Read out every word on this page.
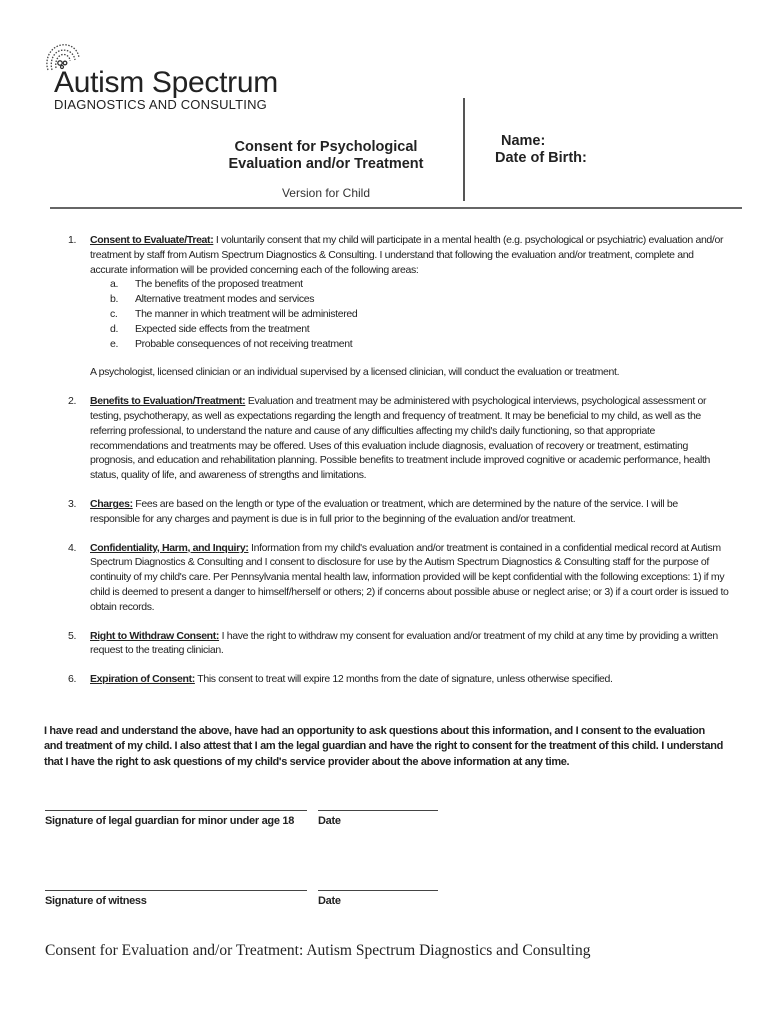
Autism Spectrum
DIAGNOSTICS AND CONSULTING
Consent for Psychological
Evaluation and/or Treatment
Version for Child
Name:
Date of Birth:
1. Consent to Evaluate/Treat: I voluntarily consent that my child will participate in a mental health (e.g. psychological or psychiatric) evaluation and/or treatment by staff from Autism Spectrum Diagnostics & Consulting. I understand that following the evaluation and/or treatment, complete and accurate information will be provided concerning each of the following areas:
a. The benefits of the proposed treatment
b. Alternative treatment modes and services
c. The manner in which treatment will be administered
d. Expected side effects from the treatment
e. Probable consequences of not receiving treatment
A psychologist, licensed clinician or an individual supervised by a licensed clinician, will conduct the evaluation or treatment.
2. Benefits to Evaluation/Treatment: Evaluation and treatment may be administered with psychological interviews, psychological assessment or testing, psychotherapy, as well as expectations regarding the length and frequency of treatment. It may be beneficial to my child, as well as the referring professional, to understand the nature and cause of any difficulties affecting my child's daily functioning, so that appropriate recommendations and treatments may be offered. Uses of this evaluation include diagnosis, evaluation of recovery or treatment, estimating prognosis, and education and rehabilitation planning. Possible benefits to treatment include improved cognitive or academic performance, health status, quality of life, and awareness of strengths and limitations.
3. Charges: Fees are based on the length or type of the evaluation or treatment, which are determined by the nature of the service. I will be responsible for any charges and payment is due is in full prior to the beginning of the evaluation and/or treatment.
4. Confidentiality, Harm, and Inquiry: Information from my child's evaluation and/or treatment is contained in a confidential medical record at Autism Spectrum Diagnostics & Consulting and I consent to disclosure for use by the Autism Spectrum Diagnostics & Consulting staff for the purpose of continuity of my child's care. Per Pennsylvania mental health law, information provided will be kept confidential with the following exceptions: 1) if my child is deemed to present a danger to himself/herself or others; 2) if concerns about possible abuse or neglect arise; or 3) if a court order is issued to obtain records.
5. Right to Withdraw Consent: I have the right to withdraw my consent for evaluation and/or treatment of my child at any time by providing a written request to the treating clinician.
6. Expiration of Consent: This consent to treat will expire 12 months from the date of signature, unless otherwise specified.
I have read and understand the above, have had an opportunity to ask questions about this information, and I consent to the evaluation and treatment of my child. I also attest that I am the legal guardian and have the right to consent for the treatment of this child. I understand that I have the right to ask questions of my child's service provider about the above information at any time.
Signature of legal guardian for minor under age 18 Date
Signature of witness	Date
Consent for Evaluation and/or Treatment: Autism Spectrum Diagnostics and Consulting
